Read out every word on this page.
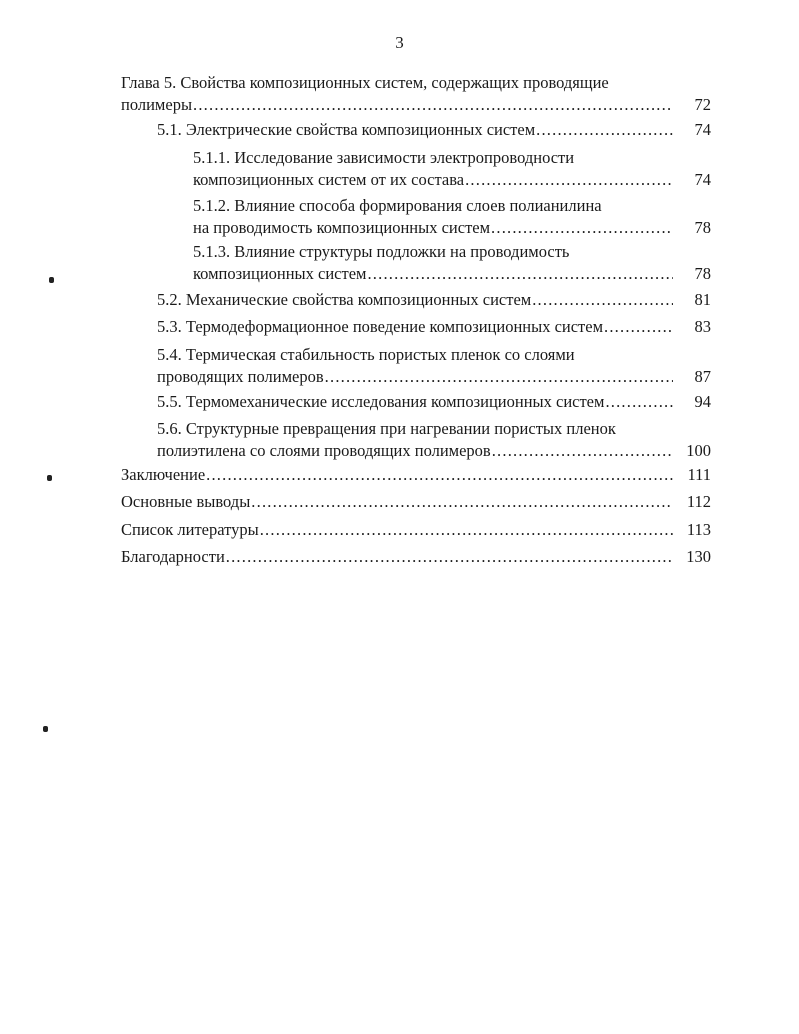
3
Глава 5. Свойства композиционных систем, содержащих проводящие
полимеры .....	72
5.1. Электрические свойства композиционных систем .....	74
5.1.1. Исследование зависимости электропроводности
композиционных систем от их состава .....	74
5.1.2. Влияние способа формирования слоев полианилина
на проводимость композиционных систем .....	78
5.1.3. Влияние структуры подложки на проводимость
композиционных систем .....	78
5.2. Механические свойства композиционных систем .....	81
5.3. Термодеформационное поведение композиционных систем .....	83
5.4. Термическая стабильность пористых пленок со слоями
проводящих полимеров .....	87
5.5. Термомеханические исследования композиционных систем .....	94
5.6. Структурные превращения при нагревании пористых пленок
полиэтилена со слоями проводящих полимеров .....	100
Заключение .....	111
Основные выводы .....	112
Список литературы .....	113
Благодарности .....	130
